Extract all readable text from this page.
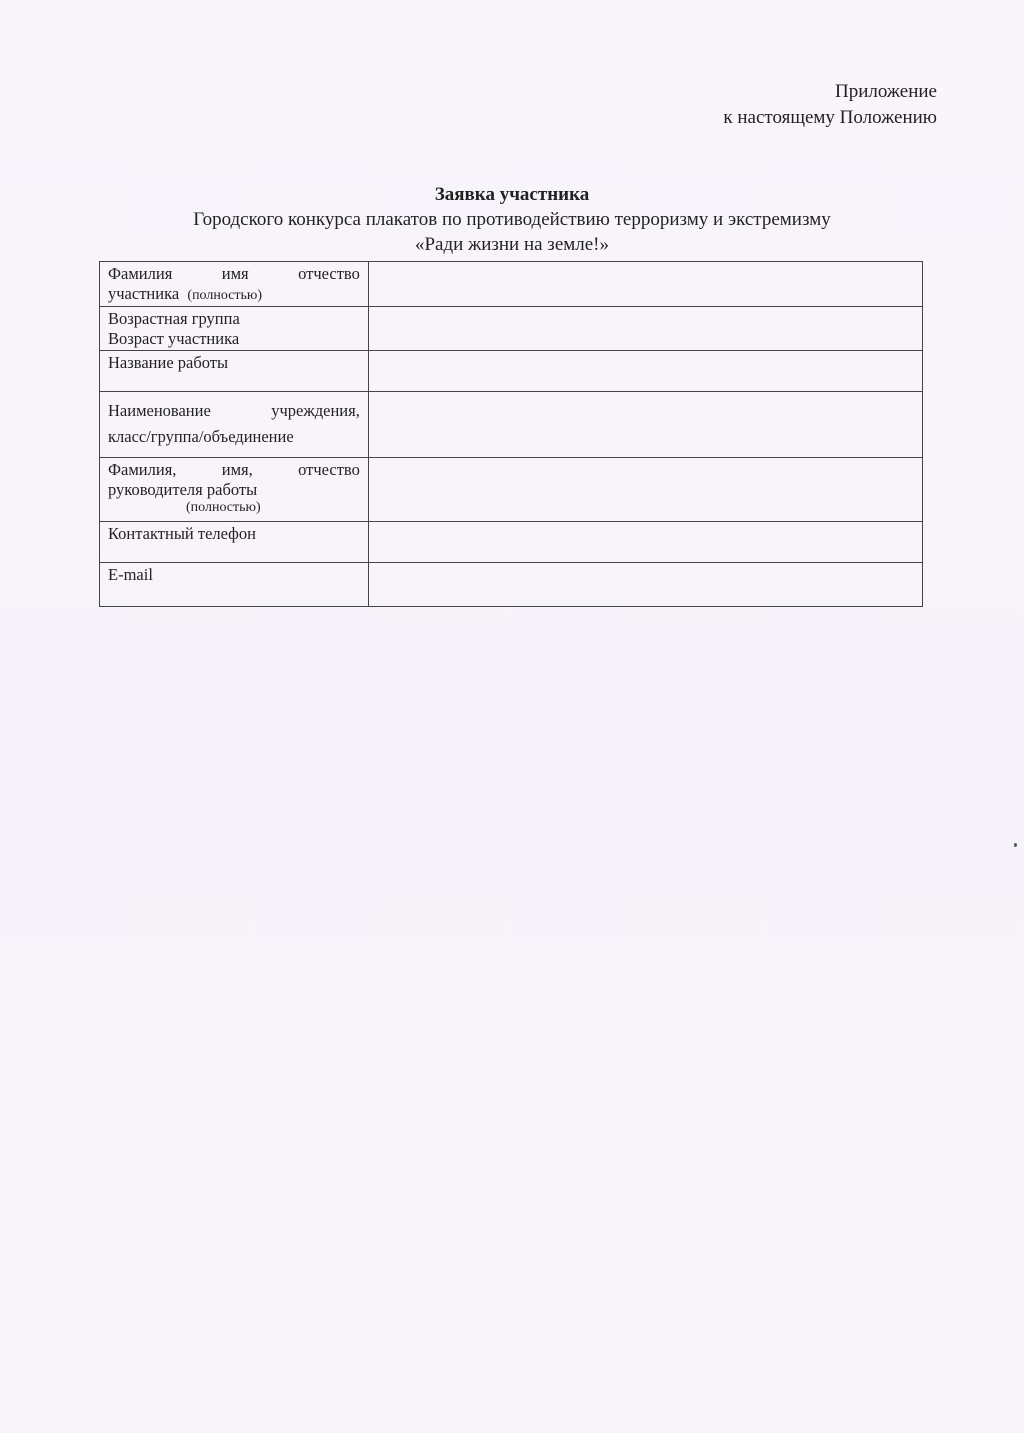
Приложение
к настоящему Положению
Заявка участника
Городского конкурса плакатов по противодействию терроризму и экстремизму
«Ради жизни на земле!»
Фамилия имя отчество
участника (полностью)	

Возрастная группа
Возраст участника	

Название работы	

Наименование учреждения,
класс/группа/объединение	

Фамилия, имя, отчество
руководителя работы
(полностью)	

Контактный телефон	

E-mail	
